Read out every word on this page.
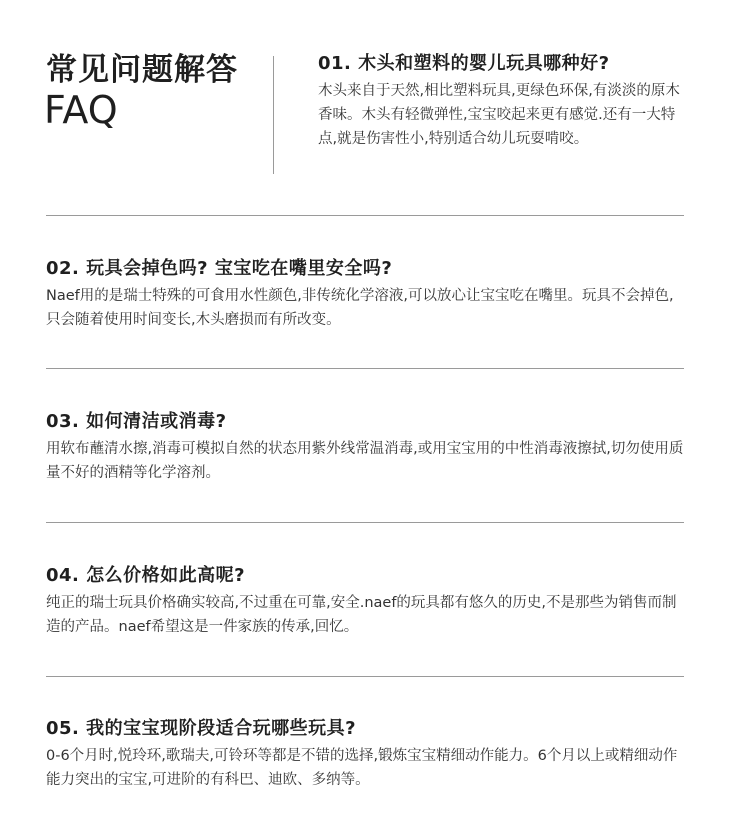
常见问题解答
FAQ
01. 木头和塑料的婴儿玩具哪种好?
木头来自于天然,相比塑料玩具,更绿色环保,有淡淡的原木香味。木头有轻微弹性,宝宝咬起来更有感觉.还有一大特点,就是伤害性小,特别适合幼儿玩耍啃咬。
02. 玩具会掉色吗? 宝宝吃在嘴里安全吗?
Naef用的是瑞士特殊的可食用水性颜色,非传统化学溶液,可以放心让宝宝吃在嘴里。玩具不会掉色,只会随着使用时间变长,木头磨损而有所改变。
03. 如何清洁或消毒?
用软布蘸清水擦,消毒可模拟自然的状态用紫外线常温消毒,或用宝宝用的中性消毒液擦拭,切勿使用质量不好的酒精等化学溶剂。
04. 怎么价格如此高呢?
纯正的瑞士玩具价格确实较高,不过重在可靠,安全.naef的玩具都有悠久的历史,不是那些为销售而制造的产品。naef希望这是一件家族的传承,回忆。
05. 我的宝宝现阶段适合玩哪些玩具?
0-6个月时,悦玲环,歌瑞夫,可铃环等都是不错的选择,锻炼宝宝精细动作能力。6个月以上或精细动作能力突出的宝宝,可进阶的有科巴、迪欧、多纳等。
